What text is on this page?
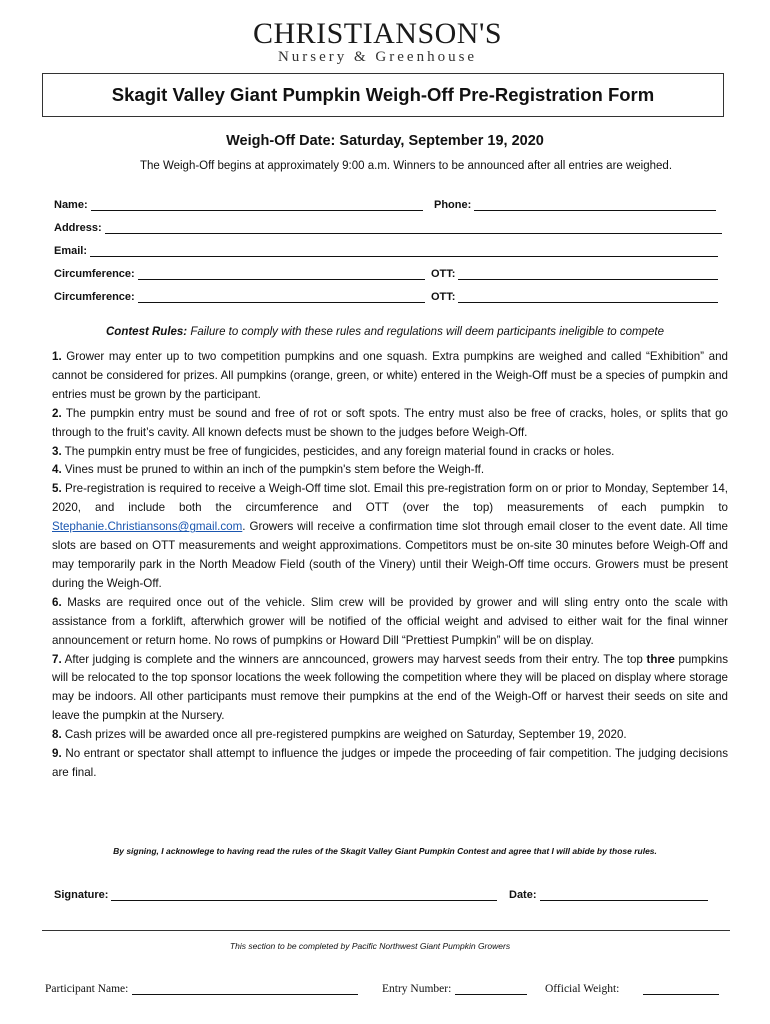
CHRISTIANSON'S
Nursery & Greenhouse
Skagit Valley Giant Pumpkin Weigh-Off Pre-Registration Form
Weigh-Off Date: Saturday, September 19, 2020
The Weigh-Off begins at approximately 9:00 a.m. Winners to be announced after all entries are weighed.
Name:	Phone:
Address:
Email:
Circumference:	OTT:
Circumference:	OTT:
Contest Rules: Failure to comply with these rules and regulations will deem participants ineligible to compete

1. Grower may enter up to two competition pumpkins and one squash. Extra pumpkins are weighed and called “Exhibition” and cannot be considered for prizes. All pumpkins (orange, green, or white) entered in the Weigh-Off must be a species of pumpkin and entries must be grown by the participant.

2. The pumpkin entry must be sound and free of rot or soft spots. The entry must also be free of cracks, holes, or splits that go through to the fruit’s cavity. All known defects must be shown to the judges before Weigh-Off.

3. The pumpkin entry must be free of fungicides, pesticides, and any foreign material found in cracks or holes.

4. Vines must be pruned to within an inch of the pumpkin's stem before the Weigh-ff.

5. Pre-registration is required to receive a Weigh-Off time slot. Email this pre-registration form on or prior to Monday, September 14, 2020, and include both the circumference and OTT (over the top) measurements of each pumpkin to Stephanie.Christiansons@gmail.com. Growers will receive a confirmation time slot through email closer to the event date. All time slots are based on OTT measurements and weight approximations. Competitors must be on-site 30 minutes before Weigh-Off and may temporarily park in the North Meadow Field (south of the Vinery) until their Weigh-Off time occurs. Growers must be present during the Weigh-Off.

6. Masks are required once out of the vehicle. Slim crew will be provided by grower and will sling entry onto the scale with assistance from a forklift, afterwhich grower will be notified of the official weight and advised to either wait for the final winner announcement or return home. No rows of pumpkins or Howard Dill “Prettiest Pumpkin” will be on display.

7. After judging is complete and the winners are anncounced, growers may harvest seeds from their entry. The top three pumpkins will be relocated to the top sponsor locations the week following the competition where they will be placed on display where storage may be indoors. All other participants must remove their pumpkins at the end of the Weigh-Off or harvest their seeds on site and leave the pumpkin at the Nursery.

8. Cash prizes will be awarded once all pre-registered pumpkins are weighed on Saturday, September 19, 2020.

9. No entrant or spectator shall attempt to influence the judges or impede the proceeding of fair competition. The judging decisions are final.

By signing, I acknowlege to having read the rules of the Skagit Valley Giant Pumpkin Contest and agree that I will abide by those rules.
Signature:	Date:
This section to be completed by Pacific Northwest Giant Pumpkin Growers
Participant Name:	Entry Number:	Official Weight:
